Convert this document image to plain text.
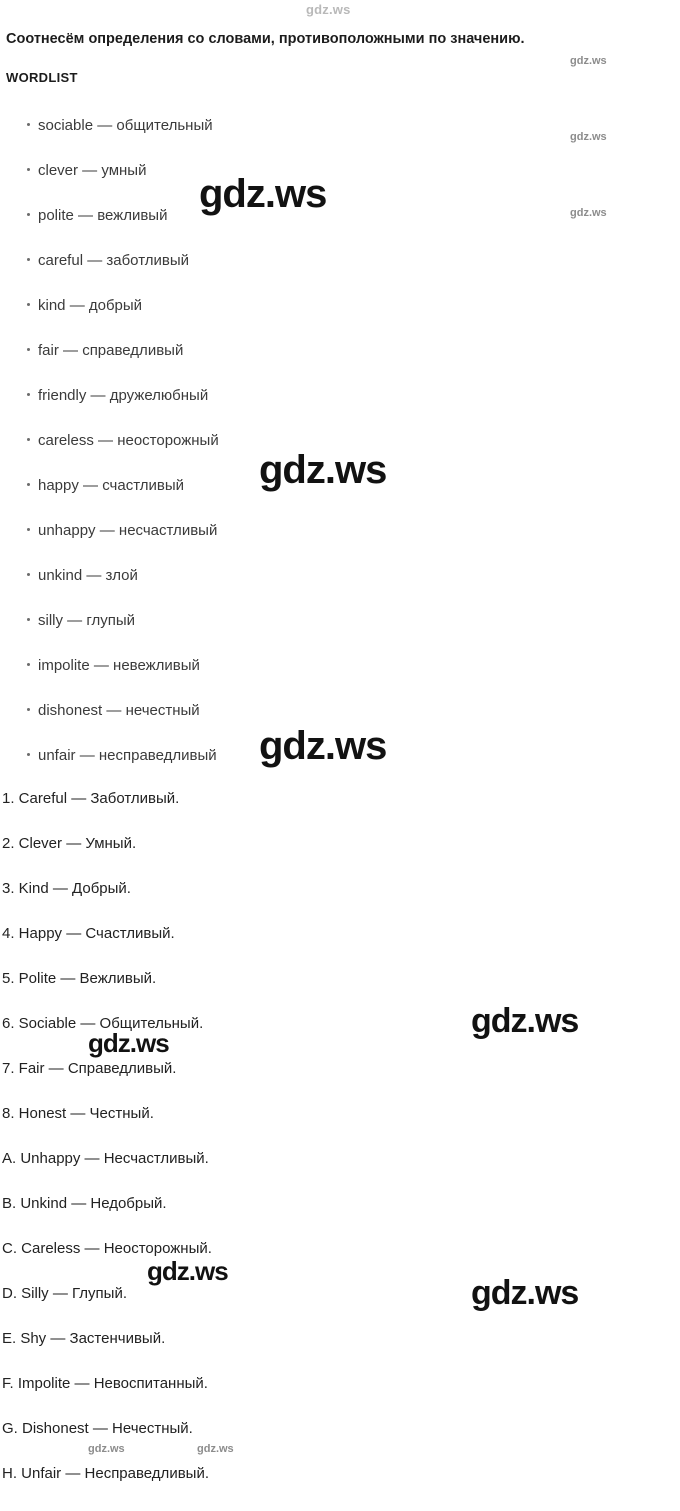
gdz.ws
Соотнесём определения со словами, противоположными по значению.
WORDLIST
sociable — общительный
clever — умный
polite — вежливый
careful — заботливый
kind — добрый
fair — справедливый
friendly — дружелюбный
careless — неосторожный
happy — счастливый
unhappy — несчастливый
unkind — злой
silly — глупый
impolite — невежливый
dishonest — нечестный
unfair — несправедливый
1. Careful — Заботливый.
2. Clever — Умный.
3. Kind — Добрый.
4. Happy — Счастливый.
5. Polite — Вежливый.
6. Sociable — Общительный.
7. Fair — Справедливый.
8. Honest — Честный.
A. Unhappy — Несчастливый.
B. Unkind — Недобрый.
C. Careless — Неосторожный.
D. Silly — Глупый.
E. Shy — Застенчивый.
F. Impolite — Невоспитанный.
G. Dishonest — Нечестный.
H. Unfair — Несправедливый.
gdz.ws
gdz.ws
gdz.ws
gdz.ws	gdz.ws
gdz.ws
gdz.ws
gdz.ws
gdz.ws
gdz.ws
gdz.ws
gdz.ws
